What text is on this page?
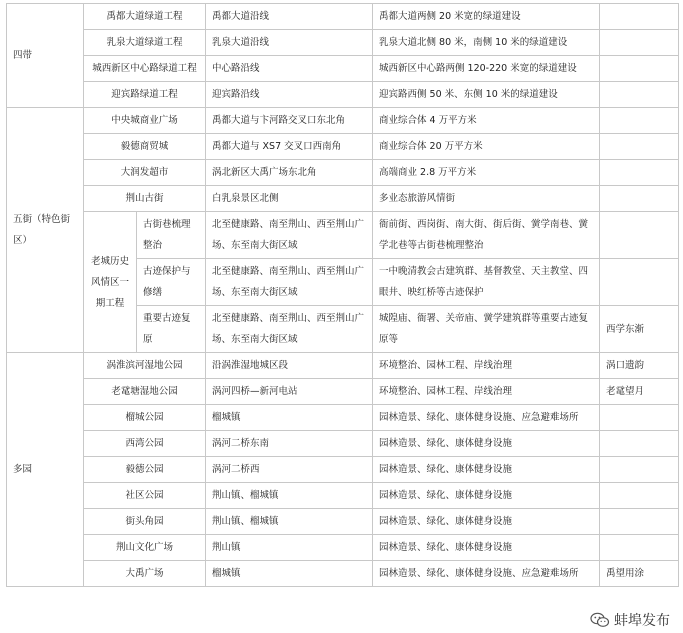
四带	禹都大道绿道工程		禹都大道沿线	禹都大道两侧 20 米宽的绿道建设	
	乳泉大道绿道工程		乳泉大道沿线	乳泉大道北侧 80 米，南侧 10 米的绿道建设	
	城西新区中心路绿道工程		中心路沿线	城西新区中心路两侧 120-220 米宽的绿道建设	
	迎宾路绿道工程		迎宾路沿线	迎宾路西侧 50 米、东侧 10 米的绿道建设	
五街（特色街区）	中央城商业广场		禹都大道与卞河路交叉口东北角	商业综合体 4 万平方米	
	毅德商贸城		禹都大道与 XS7 交叉口西南角	商业综合体 20 万平方米	
	大润发超市		涡北新区大禹广场东北角	高端商业 2.8 万平方米	
	荆山古街		白乳泉景区北侧	多业态旅游风情街	
	老城历史风情区一期工程	古街巷梳理整治	北至健康路、南至荆山、西至荆山广场、东至南大街区域	衙前街、西岗街、南大街、街后街、黉学南巷、黉学北巷等古街巷梳理整治	
		古迹保护与修缮	北至健康路、南至荆山、西至荆山广场、东至南大街区域	一中晚清教会古建筑群、基督教堂、天主教堂、四眼井、映红桥等古迹保护	
		重要古迹复原	北至健康路、南至荆山、西至荆山广场、东至南大街区域	城隍庙、衙署、关帝庙、黉学建筑群等重要古迹复原等	西学东渐
多园	涡淮滨河湿地公园		沿涡淮湿地城区段	环境整治、园林工程、岸线治理	涡口遗韵
	老鼋塘湿地公园		涡河四桥—新河电站	环境整治、园林工程、岸线治理	老鼋望月
	榴城公园		榴城镇	园林造景、绿化、康体健身设施、应急避难场所	
	西湾公园		涡河二桥东南	园林造景、绿化、康体健身设施	
	毅德公园		涡河二桥西	园林造景、绿化、康体健身设施	
	社区公园		荆山镇、榴城镇	园林造景、绿化、康体健身设施	
	街头角园		荆山镇、榴城镇	园林造景、绿化、康体健身设施	
	荆山文化广场		荆山镇	园林造景、绿化、康体健身设施	
	大禹广场		榴城镇	园林造景、绿化、康体健身设施、应急避难场所	禹望用涂
蚌埠发布
